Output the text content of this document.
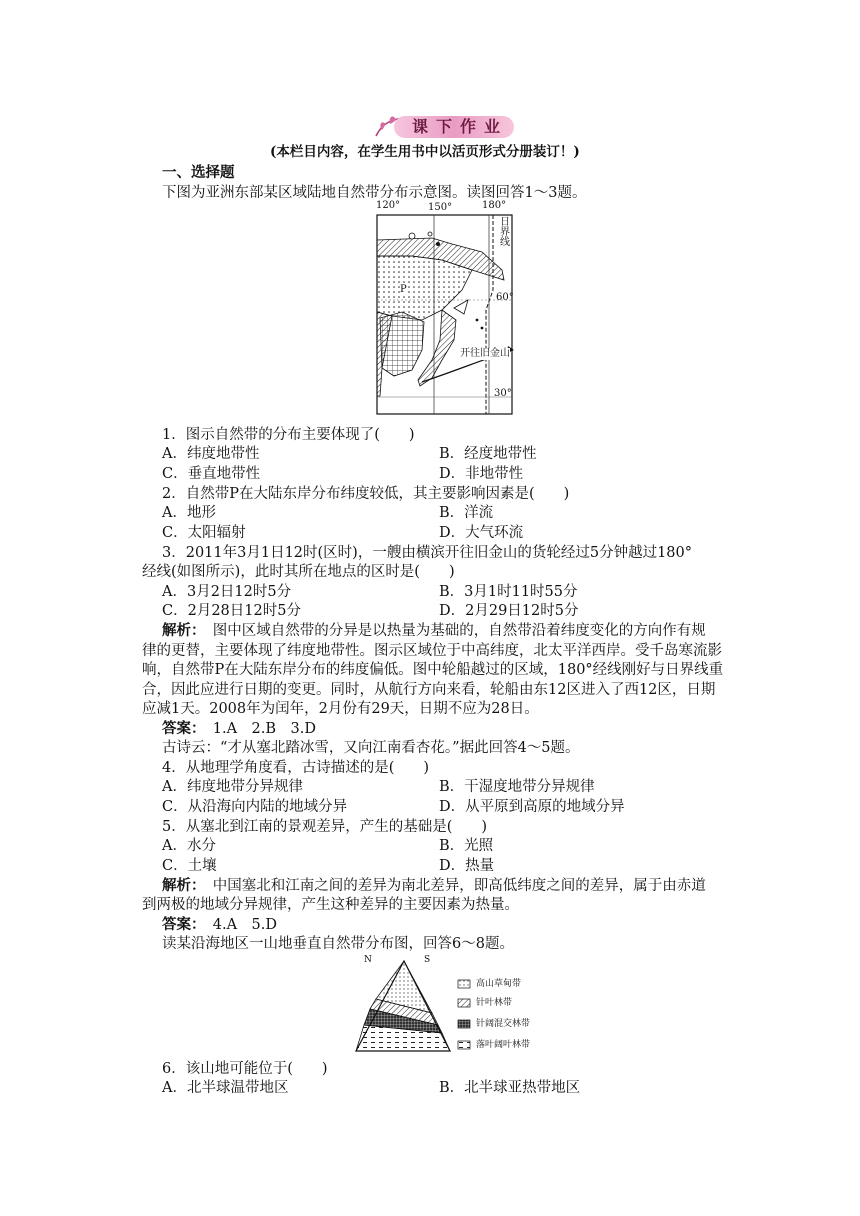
课下作业
(本栏目内容，在学生用书中以活页形式分册装订！)
一、选择题
下图为亚洲东部某区域陆地自然带分布示意图。读图回答1～3题。
120°	150°	180°
60°
30°
日界线
P
开往旧金山
1．图示自然带的分布主要体现了(　　)
A．纬度地带性	B．经度地带性
C．垂直地带性	D．非地带性
2．自然带P在大陆东岸分布纬度较低，其主要影响因素是(　　)
A．地形	B．洋流
C．太阳辐射	D．大气环流
3．2011年3月1日12时(区时)，一艘由横滨开往旧金山的货轮经过5分钟越过180°
经线(如图所示)，此时其所在地点的区时是(　　)
A．3月2日12时5分	B．3月1时11时55分
C．2月28日12时5分	D．2月29日12时5分
解析：　图中区域自然带的分异是以热量为基础的，自然带沿着纬度变化的方向作有规
律的更替，主要体现了纬度地带性。图示区域位于中高纬度，北太平洋西岸。受千岛寒流影
响，自然带P在大陆东岸分布的纬度偏低。图中轮船越过的区域，180°经线刚好与日界线重
合，因此应进行日期的变更。同时，从航行方向来看，轮船由东12区进入了西12区，日期
应减1天。2008年为闰年，2月份有29天，日期不应为28日。
答案：　1.A　2.B　3.D
古诗云：“才从塞北踏冰雪，又向江南看杏花。”据此回答4～5题。
4．从地理学角度看，古诗描述的是(　　)
A．纬度地带分异规律	B．干湿度地带分异规律
C．从沿海向内陆的地域分异	D．从平原到高原的地域分异
5．从塞北到江南的景观差异，产生的基础是(　　)
A．水分	B．光照
C．土壤	D．热量
解析：　中国塞北和江南之间的差异为南北差异，即高低纬度之间的差异，属于由赤道
到两极的地域分异规律，产生这种差异的主要因素为热量。
答案：　4.A　5.D
读某沿海地区一山地垂直自然带分布图，回答6～8题。
N	S
高山草甸带
针叶林带
针阔混交林带
落叶阔叶林带
6．该山地可能位于(　　)
A．北半球温带地区	B．北半球亚热带地区
